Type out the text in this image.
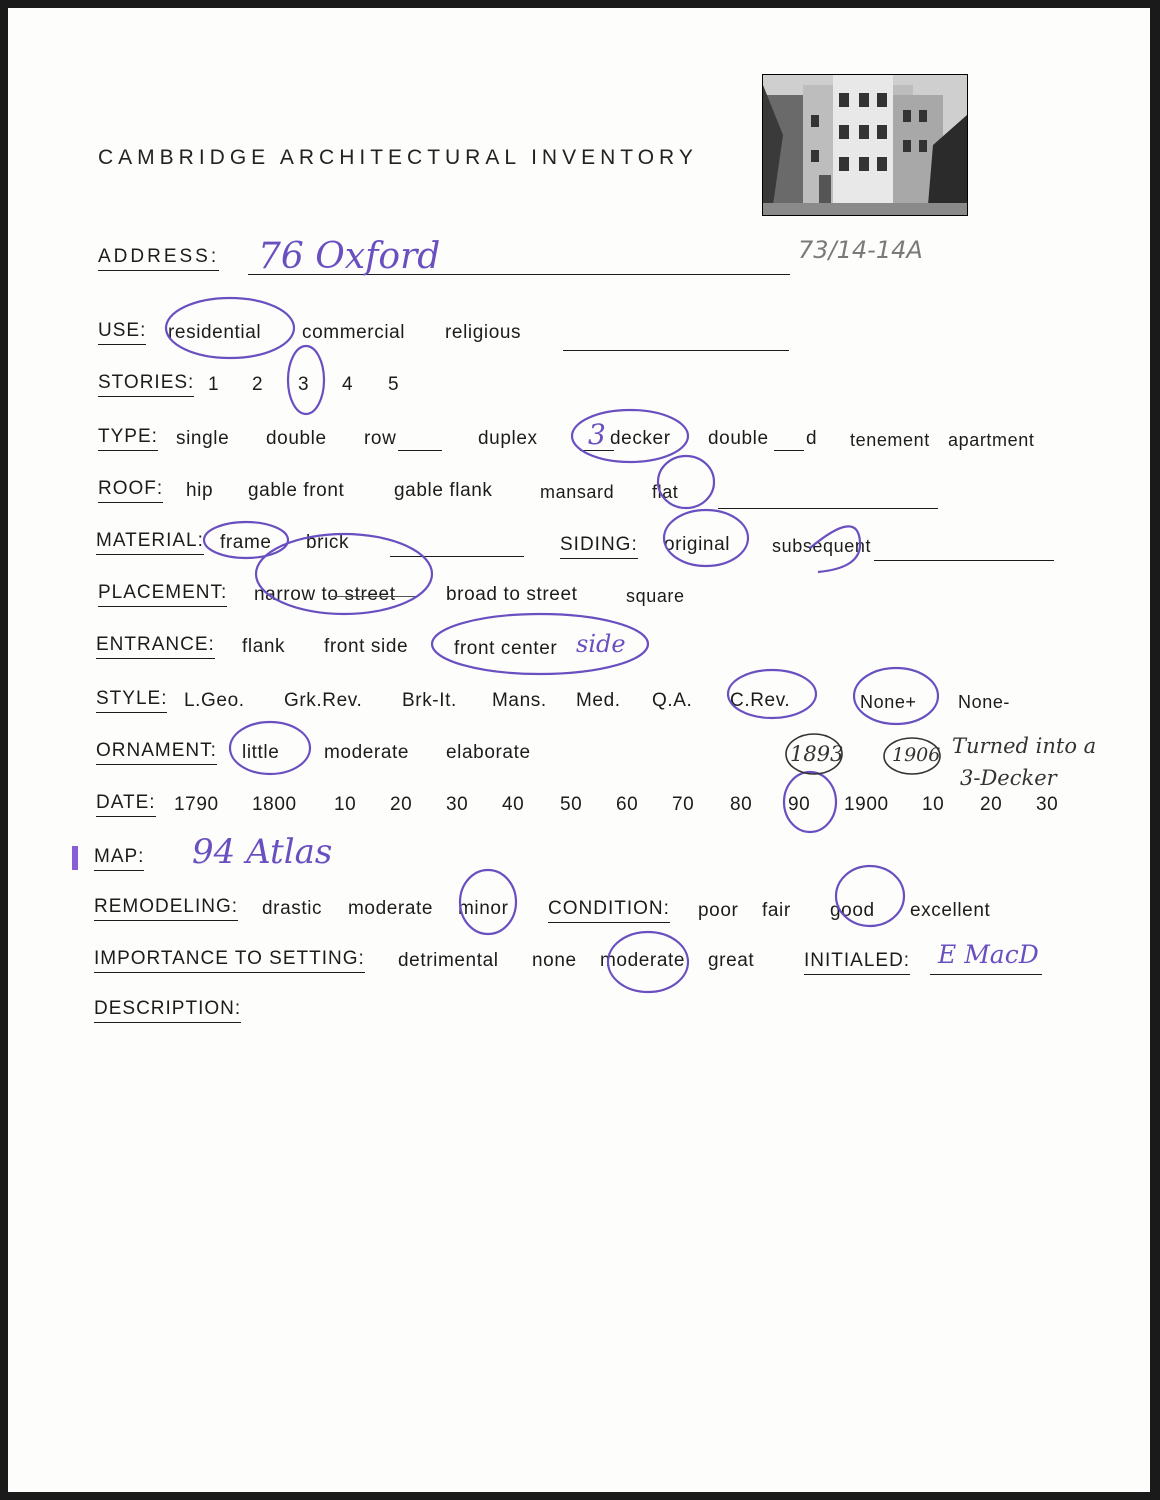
CAMBRIDGE ARCHITECTURAL INVENTORY
73/14-14A
ADDRESS: 76 Oxford
USE: residential commercial religious
STORIES: 1 2 3 4 5
TYPE: single double row	duplex 3 decker double d tenement apartment
ROOF: hip gable front	gable flank	mansard flat
MATERIAL: frame brick	SIDING: original subsequent
PLACEMENT: narrow to street	broad to street	square
ENTRANCE: flank front side front center side
STYLE: L.Geo. Grk.Rev. Brk-It. Mans. Med. Q.A. C.Rev.	None+ None-
ORNAMENT: little moderate elaborate	1893	1906 Turned into a
3-Decker
DATE: 1790 1800 10 20 30 40 50 60 70 80 90 1900 10 20 30
MAP: 94 Atlas
REMODELING: drastic moderate minor CONDITION: poor fair good excellent
IMPORTANCE TO SETTING: detrimental none moderate great	INITIALED: E MacD
DESCRIPTION:
